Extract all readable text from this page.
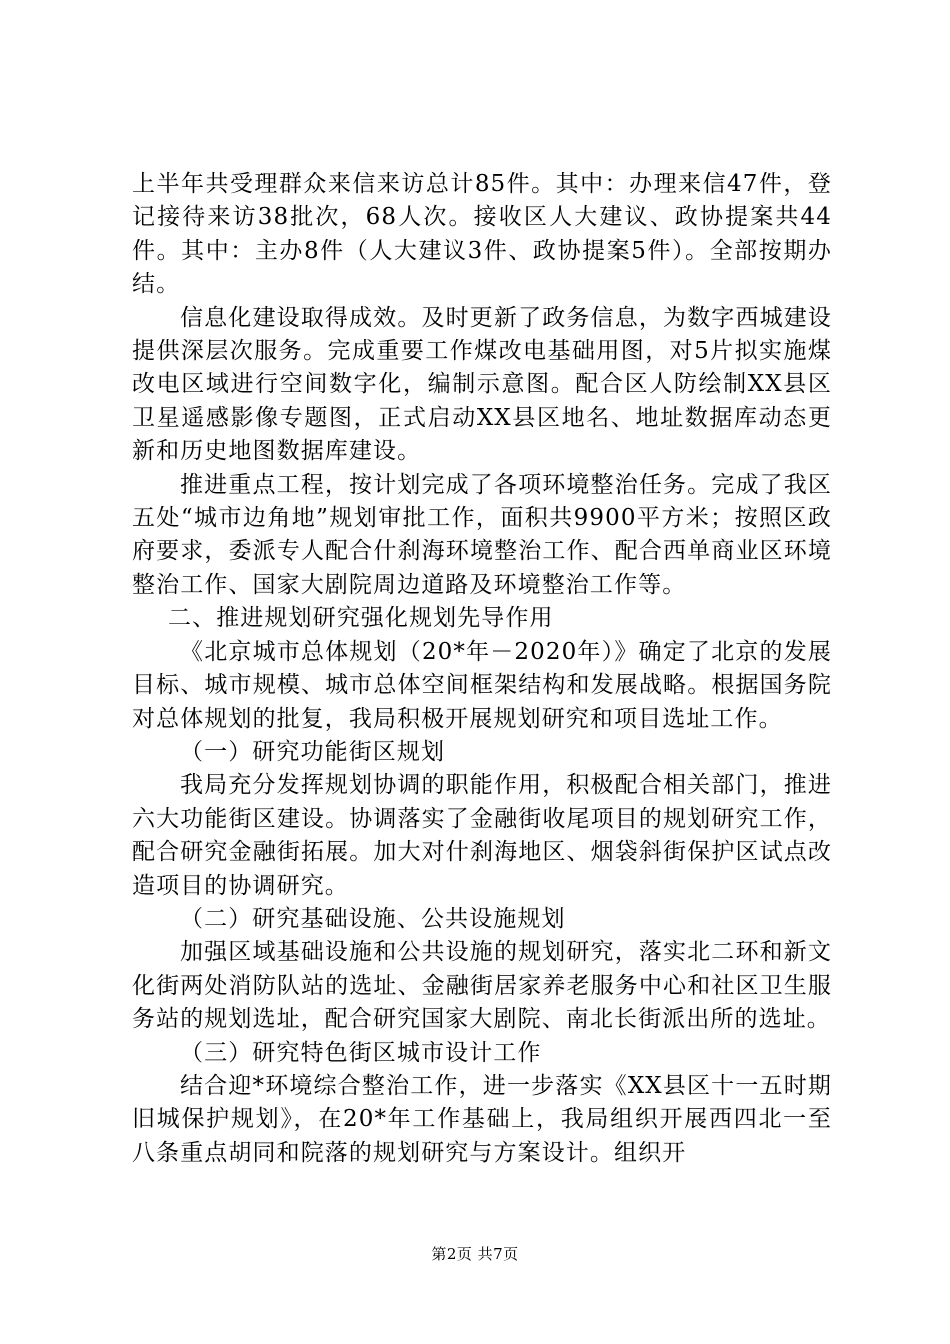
上半年共受理群众来信来访总计85件。其中：办理来信47件，登记接待来访38批次，68人次。接收区人大建议、政协提案共44件。其中：主办8件（人大建议3件、政协提案5件）。全部按期办结。

信息化建设取得成效。及时更新了政务信息，为数字西城建设提供深层次服务。完成重要工作煤改电基础用图，对5片拟实施煤改电区域进行空间数字化，编制示意图。配合区人防绘制XX县区卫星遥感影像专题图，正式启动XX县区地名、地址数据库动态更新和历史地图数据库建设。

推进重点工程，按计划完成了各项环境整治任务。完成了我区五处“城市边角地”规划审批工作，面积共9900平方米；按照区政府要求，委派专人配合什刹海环境整治工作、配合西单商业区环境整治工作、国家大剧院周边道路及环境整治工作等。

二、推进规划研究强化规划先导作用

《北京城市总体规划（20*年－2020年）》确定了北京的发展目标、城市规模、城市总体空间框架结构和发展战略。根据国务院对总体规划的批复，我局积极开展规划研究和项目选址工作。

（一）研究功能街区规划

我局充分发挥规划协调的职能作用，积极配合相关部门，推进六大功能街区建设。协调落实了金融街收尾项目的规划研究工作，配合研究金融街拓展。加大对什刹海地区、烟袋斜街保护区试点改造项目的协调研究。

（二）研究基础设施、公共设施规划

加强区域基础设施和公共设施的规划研究，落实北二环和新文化街两处消防队站的选址、金融街居家养老服务中心和社区卫生服务站的规划选址，配合研究国家大剧院、南北长街派出所的选址。

（三）研究特色街区城市设计工作

结合迎*环境综合整治工作，进一步落实《XX县区十一五时期旧城保护规划》，在20*年工作基础上，我局组织开展西四北一至八条重点胡同和院落的规划研究与方案设计。组织开

第2页 共7页
